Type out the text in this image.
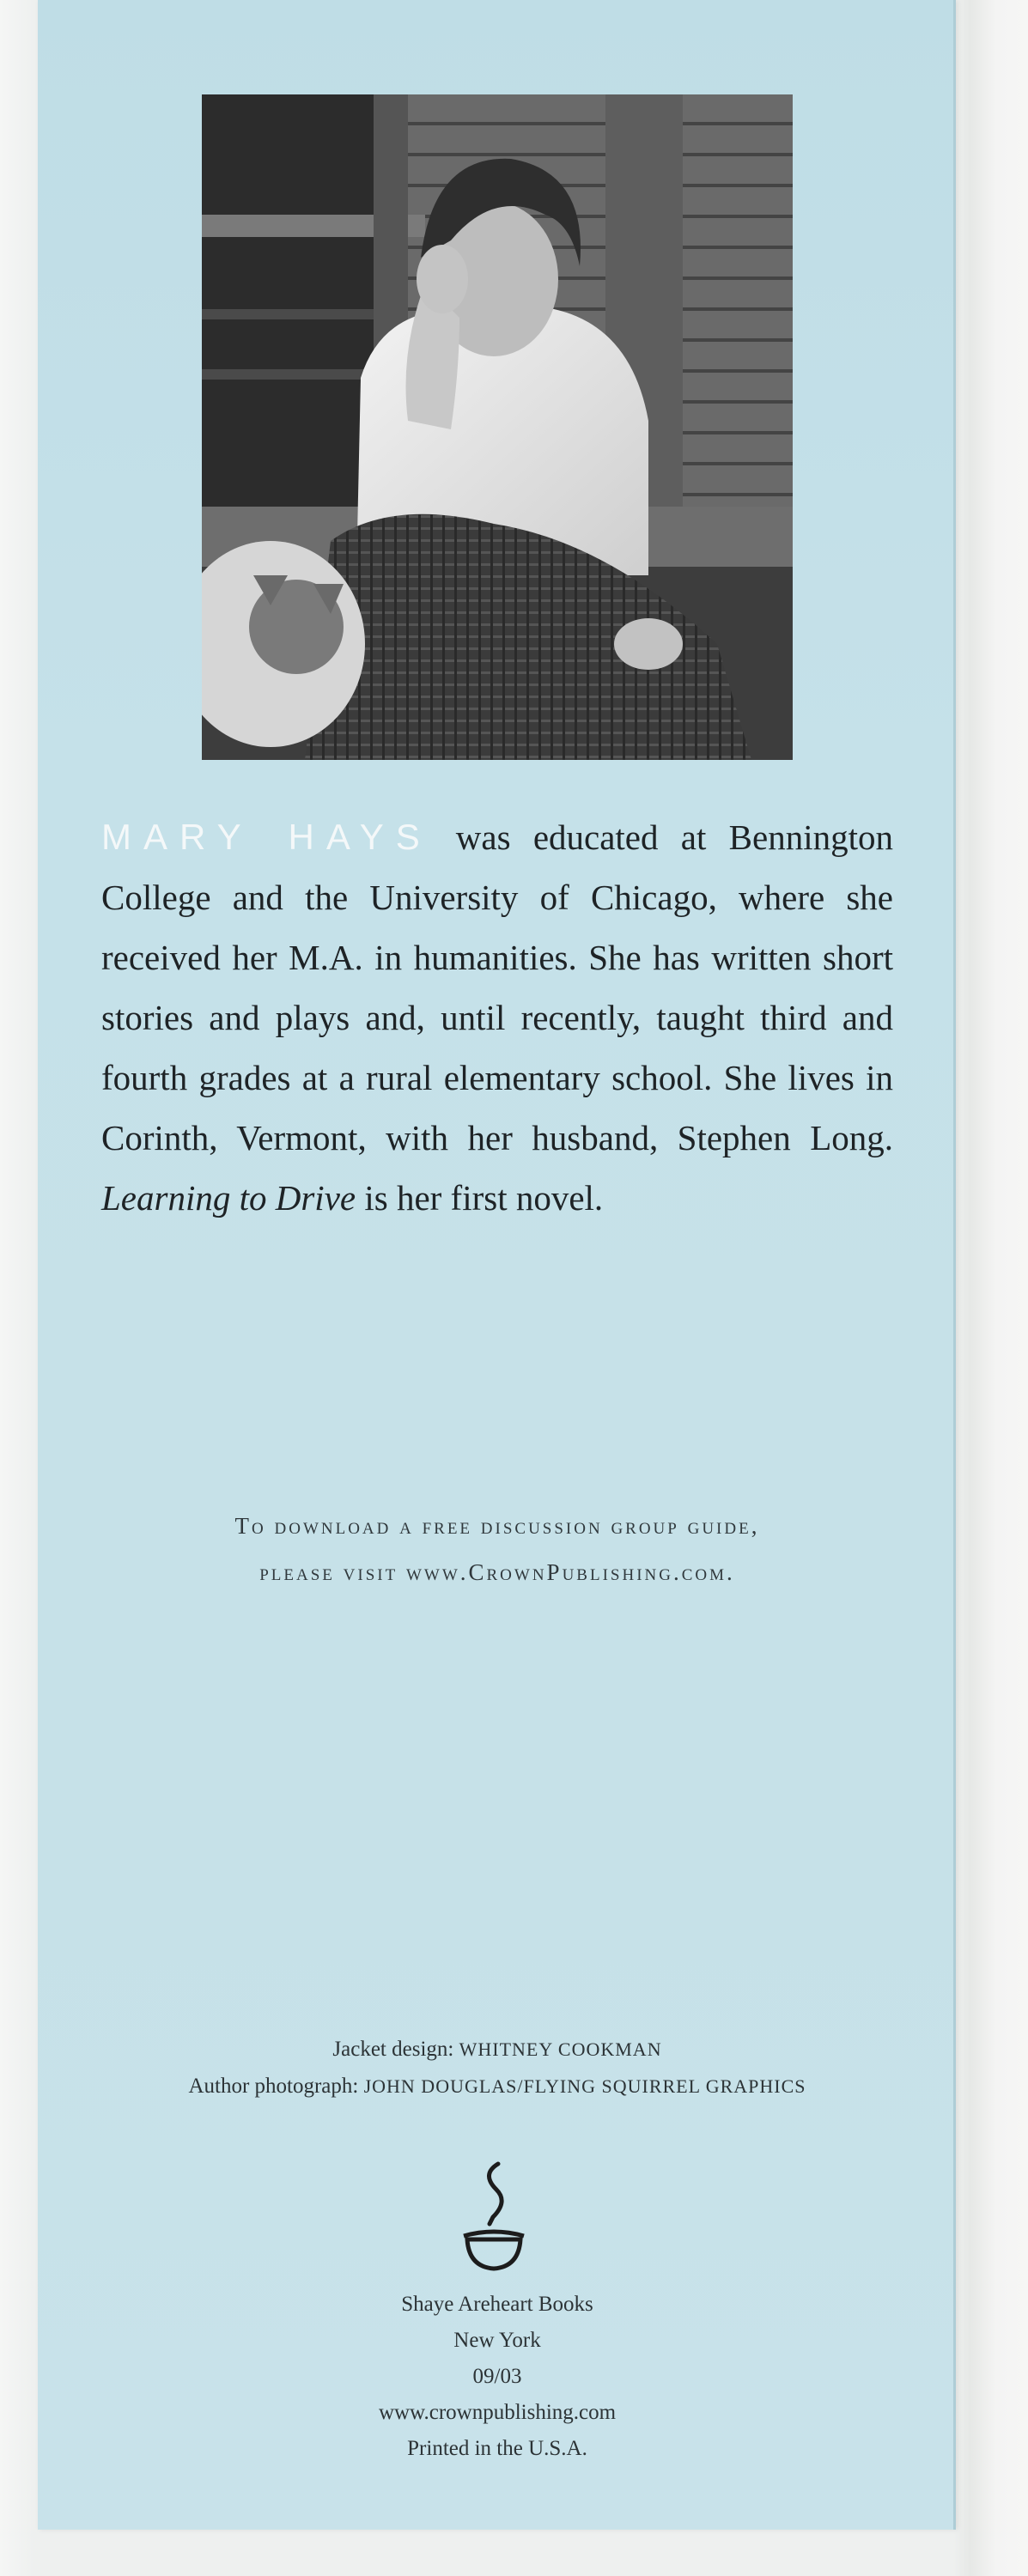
MARY HAYS was educated at Bennington College and the University of Chicago, where she received her M.A. in humanities. She has written short stories and plays and, until recently, taught third and fourth grades at a rural elementary school. She lives in Corinth, Vermont, with her husband, Stephen Long. Learning to Drive is her first novel.
To download a free discussion group guide,
please visit www.CrownPublishing.com.
Jacket design: WHITNEY COOKMAN
Author photograph: JOHN DOUGLAS/FLYING SQUIRREL GRAPHICS
Shaye Areheart Books
New York
09/03
www.crownpublishing.com
Printed in the U.S.A.
